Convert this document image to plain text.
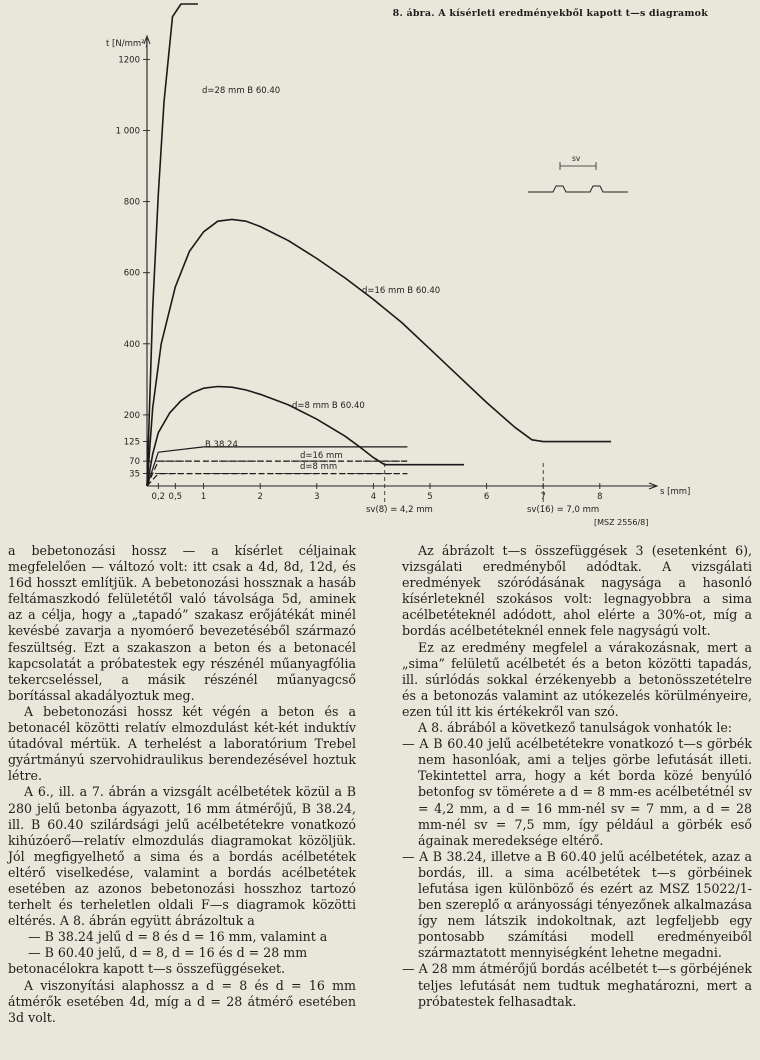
8. ábra. A kísérleti eredményekből kapott t—s diagramok
35
70
125
200
400
600
800
1 000
1200
0,2 0,5 1	2	3	4	5	6	7	8
d=28 mm B 60.40
d=16 mm B 60.40
d=8 mm B 60.40
B 38.24
d=16 mm
d=8 mm
t [N/mm²]
s [mm]
sv(8) = 4,2 mm	sv(16) = 7,0 mm
[MSZ 2556/8]
sv

a bebetonozási hossz — a kísérlet céljainak megfelelően — változó volt: itt csak a 4d, 8d, 12d, és 16d hosszt említjük. A bebetonozási hossznak a hasáb feltámaszkodó felületétől való távolsága 5d, aminek az a célja, hogy a „tapadó” szakasz erőjátékát minél kevésbé zavarja a nyomóerő bevezetéséből származó feszültség. Ezt a szakaszon a beton és a betonacél kapcsolatát a próbatestek egy részénél műanyagfólia tekercseléssel, a másik részénél műanyagcső borítással akadályoztuk meg.

A bebetonozási hossz két végén a beton és a betonacél közötti relatív elmozdulást két-két induktív útadóval mértük. A terhelést a laboratórium Trebel gyártmányú szervohidraulikus berendezésével hoztuk létre.

A 6., ill. a 7. ábrán a vizsgált acélbetétek közül a B 280 jelű betonba ágyazott, 16 mm átmérőjű, B 38.24, ill. B 60.40 szilárdsági jelű acélbetétekre vonatkozó kihúzóerő—relatív elmozdulás diagramokat közöljük. Jól megfigyelhető a sima és a bordás acélbetétek eltérő viselkedése, valamint a bordás acélbetétek esetében az azonos bebetonozási hosszhoz tartozó terhelt és terheletlen oldali F—s diagramok közötti eltérés. A 8. ábrán együtt ábrázoltuk a

— B 38.24 jelű d = 8 és d = 16 mm, valamint a

— B 60.40 jelű, d = 8, d = 16 és d = 28 mm

betonacélokra kapott t—s összefüggéseket.

A viszonyítási alaphossz a d = 8 és d = 16 mm átmérők esetében 4d, míg a d = 28 átmérő esetében 3d volt.

Az ábrázolt t—s összefüggések 3 (esetenként 6), vizsgálati eredményből adódtak. A vizsgálati eredmények szóródásának nagysága a hasonló kísérleteknél szokásos volt: legnagyobbra a sima acélbetéteknél adódott, ahol elérte a 30%-ot, míg a bordás acélbetéteknél ennek fele nagyságú volt.

Ez az eredmény megfelel a várakozásnak, mert a „sima” felületű acélbetét és a beton közötti tapadás, ill. súrlódás sokkal érzékenyebb a betonösszetételre és a betonozás valamint az utókezelés körülményeire, ezen túl itt kis értékekről van szó.

A 8. ábrából a következő tanulságok vonhatók le:

— A B 60.40 jelű acélbetétekre vonatkozó t—s görbék nem hasonlóak, ami a teljes görbe lefutását illeti. Tekintettel arra, hogy a két borda közé benyúló betonfog sv tömérete a d = 8 mm-es acélbetétnél sv = 4,2 mm, a d = 16 mm-nél sv = 7 mm, a d = 28 mm-nél sv = 7,5 mm, így például a görbék eső ágainak meredeksége eltérő.

— A B 38.24, illetve a B 60.40 jelű acélbetétek, azaz a bordás, ill. a sima acélbetétek t—s görbéinek lefutása igen különböző és ezért az MSZ 15022/1-ben szereplő α arányossági tényezőnek alkalmazása így nem látszik indokoltnak, azt legfeljebb egy pontosabb számítási modell eredményeiből származtatott mennyiségként lehetne megadni.

— A 28 mm átmérőjű bordás acélbetét t—s görbéjének teljes lefutását nem tudtuk meghatározni, mert a próbatestek felhasadtak.
